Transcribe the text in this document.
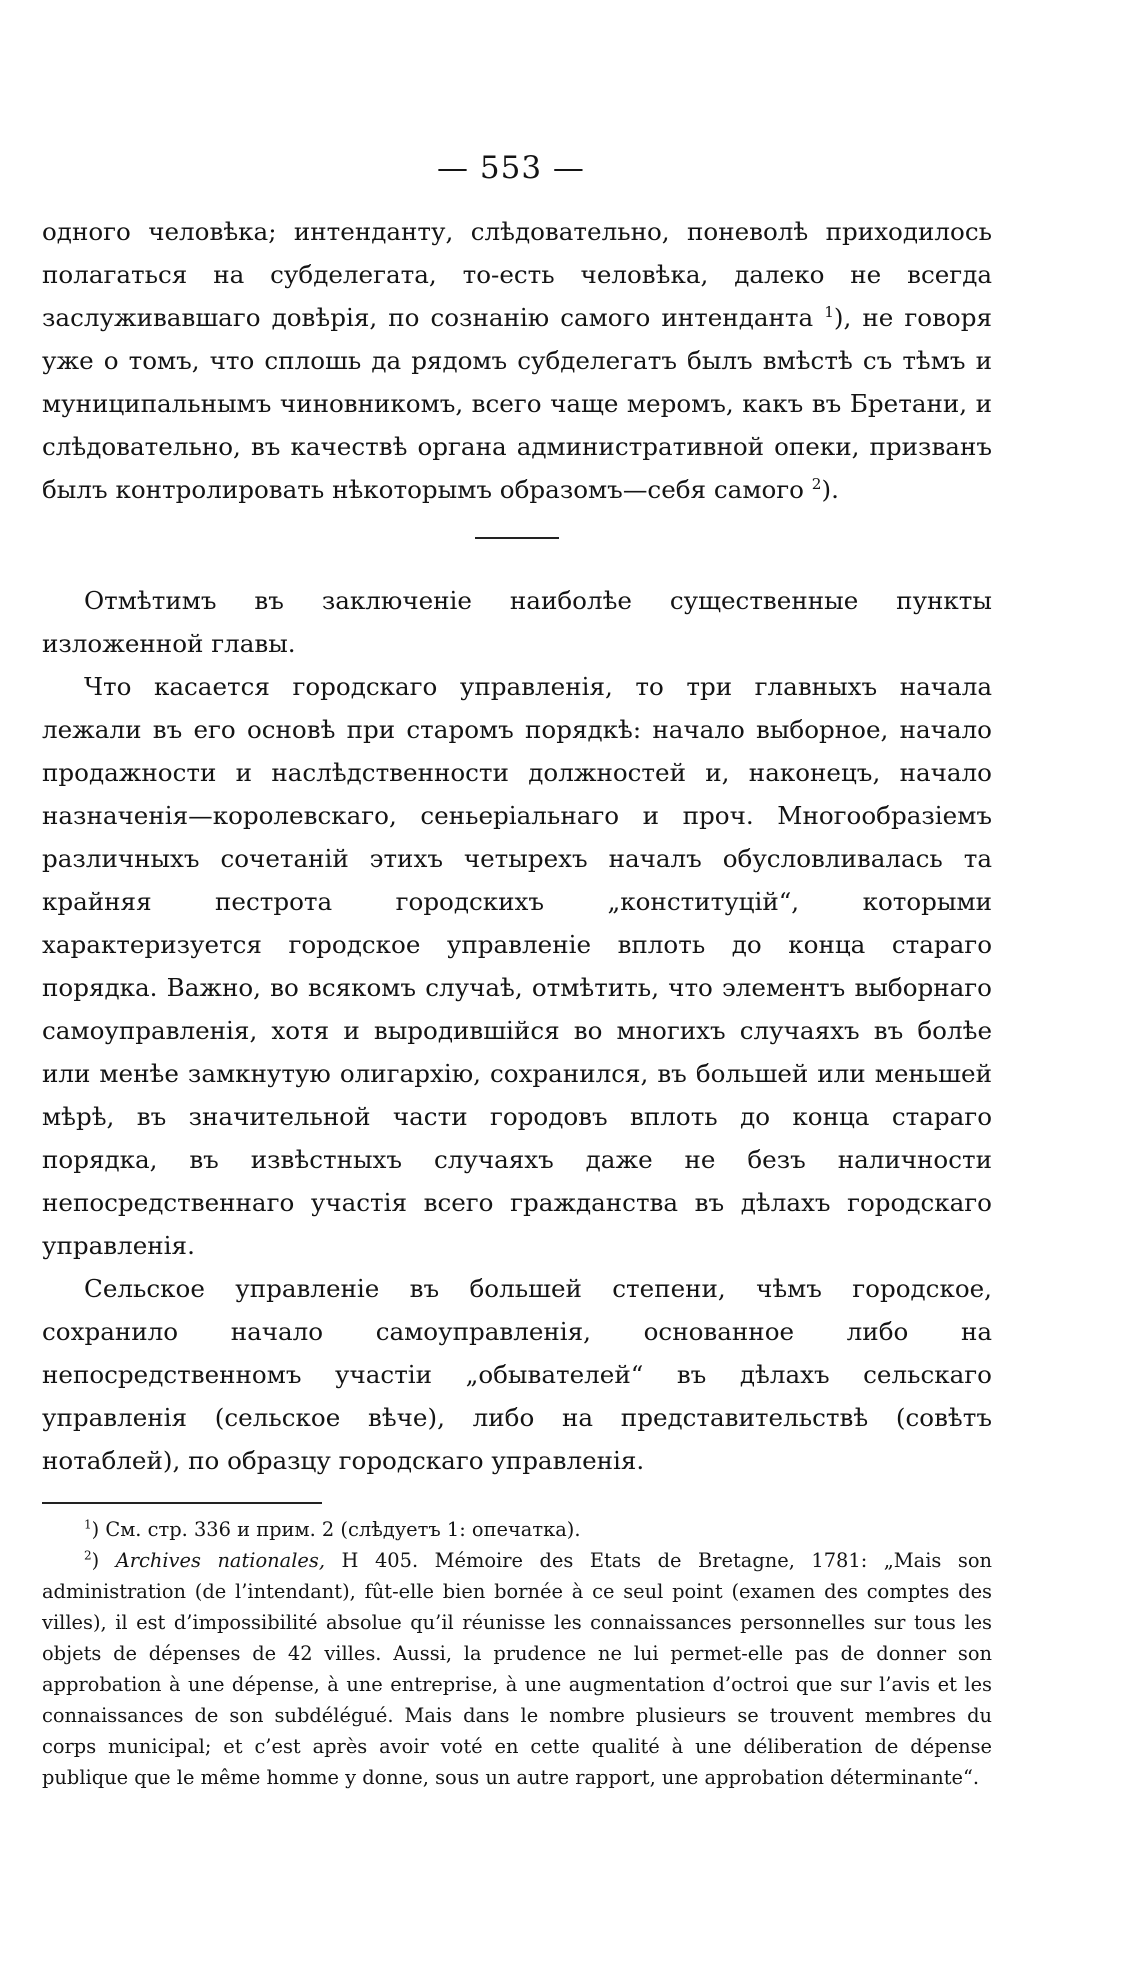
— 553 —

одного человѣка; интенданту, слѣдовательно, поневолѣ приходилось полагаться на субделегата, то-есть человѣка, далеко не всегда заслуживавшаго довѣрія, по сознанію самого интенданта $^1$), не говоря уже о томъ, что сплошь да рядомъ субделегатъ былъ вмѣстѣ съ тѣмъ и муниципальнымъ чиновникомъ, всего чаще меромъ, какъ въ Бретани, и слѣдовательно, въ качествѣ органа административной опеки, призванъ былъ контролировать нѣкоторымъ образомъ—себя самого $^2$).

Отмѣтимъ въ заключеніе наиболѣе существенные пункты изложенной главы.

Что касается городскаго управленія, то три главныхъ начала лежали въ его основѣ при старомъ порядкѣ: начало выборное, начало продажности и наслѣдственности должностей и, наконецъ, начало назначенія—королевскаго, сеньеріальнаго и проч. Многообразіемъ различныхъ сочетаній этихъ четырехъ началъ обусловливалась та крайняя пестрота городскихъ „конституцій“, которыми характеризуется городское управленіе вплоть до конца стараго порядка. Важно, во всякомъ случаѣ, отмѣтить, что элементъ выборнаго самоуправленія, хотя и выродившійся во многихъ случаяхъ въ болѣе или менѣе замкнутую олигархію, сохранился, въ большей или меньшей мѣрѣ, въ значительной части городовъ вплоть до конца стараго порядка, въ извѣстныхъ случаяхъ даже не безъ наличности непосредственнаго участія всего гражданства въ дѣлахъ городскаго управленія.

Сельское управленіе въ большей степени, чѣмъ городское, сохранило начало самоуправленія, основанное либо на непосредственномъ участіи „обывателей“ въ дѣлахъ сельскаго управленія (сельское вѣче), либо на представительствѣ (совѣтъ нотаблей), по образцу городскаго управленія.

$^1$) См. стр. 336 и прим. 2 (слѣдуетъ 1: опечатка).

$^2$) Archives nationales, H 405. Mémoire des Etats de Bretagne, 1781: „Mais son administration (de l’intendant), fût-elle bien bornée à ce seul point (examen des comptes des villes), il est d’impossibilité absolue qu’il réunisse les connaissances personnelles sur tous les objets de dépenses de 42 villes. Aussi, la prudence ne lui permet-elle pas de donner son approbation à une dépense, à une entreprise, à une augmentation d’octroi que sur l’avis et les connaissances de son subdélégué. Mais dans le nombre plusieurs se trouvent membres du corps municipal; et c’est après avoir voté en cette qualité à une déliberation de dépense publique que le même homme y donne, sous un autre rapport, une approbation déterminante“.
